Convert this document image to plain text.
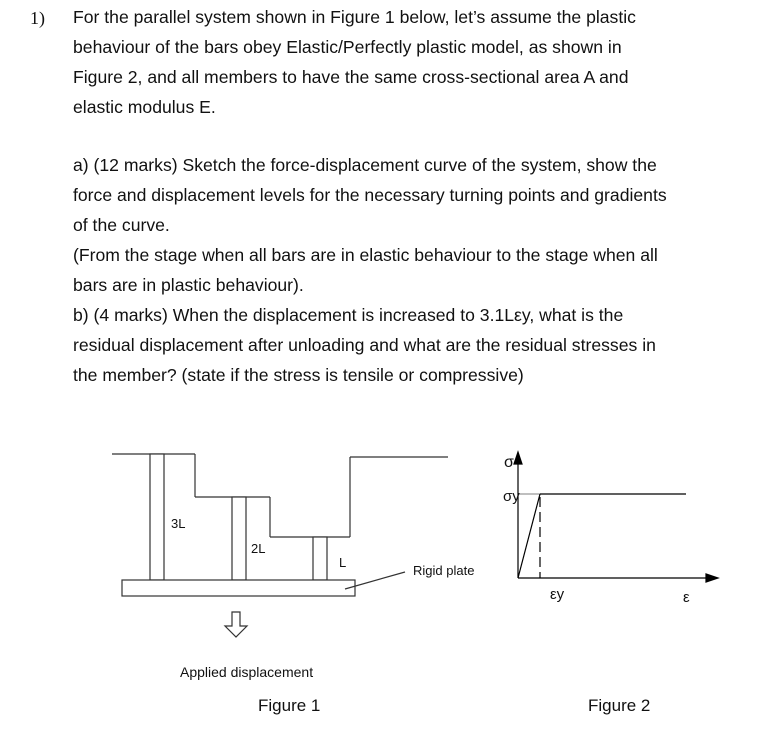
1) For the parallel system shown in Figure 1 below, let’s assume the plastic
behaviour of the bars obey Elastic/Perfectly plastic model, as shown in
Figure 2, and all members to have the same cross-sectional area A and
elastic modulus E.
a) (12 marks) Sketch the force-displacement curve of the system, show the
force and displacement levels for the necessary turning points and gradients
of the curve.
(From the stage when all bars are in elastic behaviour to the stage when all
bars are in plastic behaviour).
b) (4 marks) When the displacement is increased to 3.1Lεy, what is the
residual displacement after unloading and what are the residual stresses in
the member? (state if the stress is tensile or compressive)
3L
2L
L
Rigid plate
Applied displacement
Figure 1
σ
σy
εy	ε
Figure 2
